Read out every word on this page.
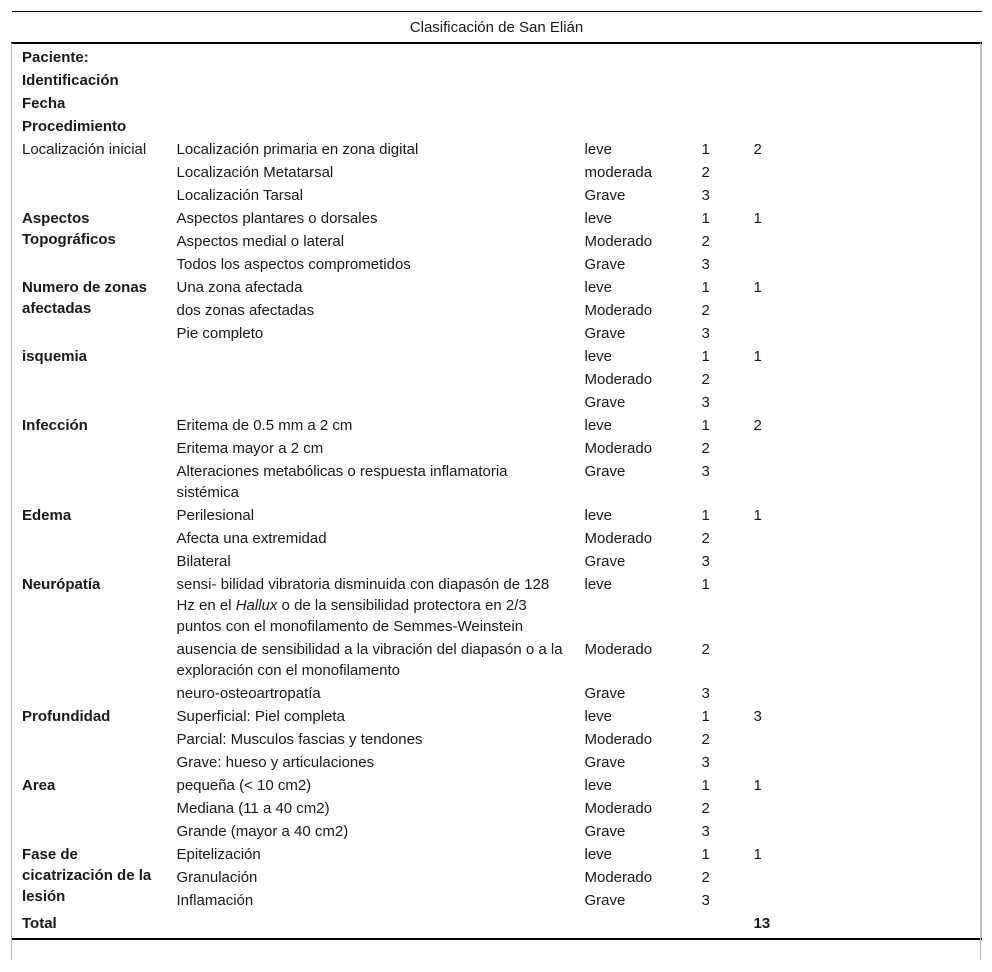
Clasificación de San Elián				
Paciente:				
Identificación				
Fecha				
Procedimiento				
Localización inicial	Localización primaria en zona digital	leve	1	2
	Localización Metatarsal	moderada	2	
	Localización Tarsal	Grave	3	
Aspectos Topográficos	Aspectos plantares o dorsales	leve	1	1
	Aspectos medial o lateral	Moderado	2	
	Todos los aspectos comprometidos	Grave	3	
Numero de zonas afectadas	Una zona afectada	leve	1	1
	dos zonas afectadas	Moderado	2	
	Pie completo	Grave	3	
isquemia		leve	1	1
		Moderado	2	
		Grave	3	
Infección	Eritema de 0.5 mm a 2 cm	leve	1	2
	Eritema mayor a 2 cm	Moderado	2	
	Alteraciones metabólicas o respuesta inflamatoria sistémica	Grave	3	
Edema	Perilesional	leve	1	1
	Afecta una extremidad	Moderado	2	
	Bilateral	Grave	3	
Neurópatía	sensi- bilidad vibratoria disminuida con diapasón de 128 Hz en el Hallux o de la sensibilidad protectora en 2/3 puntos con el monofilamento de Semmes-Weinstein	leve	1	
	ausencia de sensibilidad a la vibración del diapasón o a la exploración con el monofilamento	Moderado	2	
	neuro-osteoartropatía	Grave	3	
Profundidad	Superficial: Piel completa	leve	1	3
	Parcial: Musculos fascias y tendones	Moderado	2	
	Grave: hueso y articulaciones	Grave	3	
Area	pequeña (< 10 cm2)	leve	1	1
	Mediana (11 a 40 cm2)	Moderado	2	
	Grande (mayor a 40 cm2)	Grave	3	
Fase de cicatrización de la lesión	Epitelización	leve	1	1
	Granulación	Moderado	2	
	Inflamación	Grave	3	
Total				13
